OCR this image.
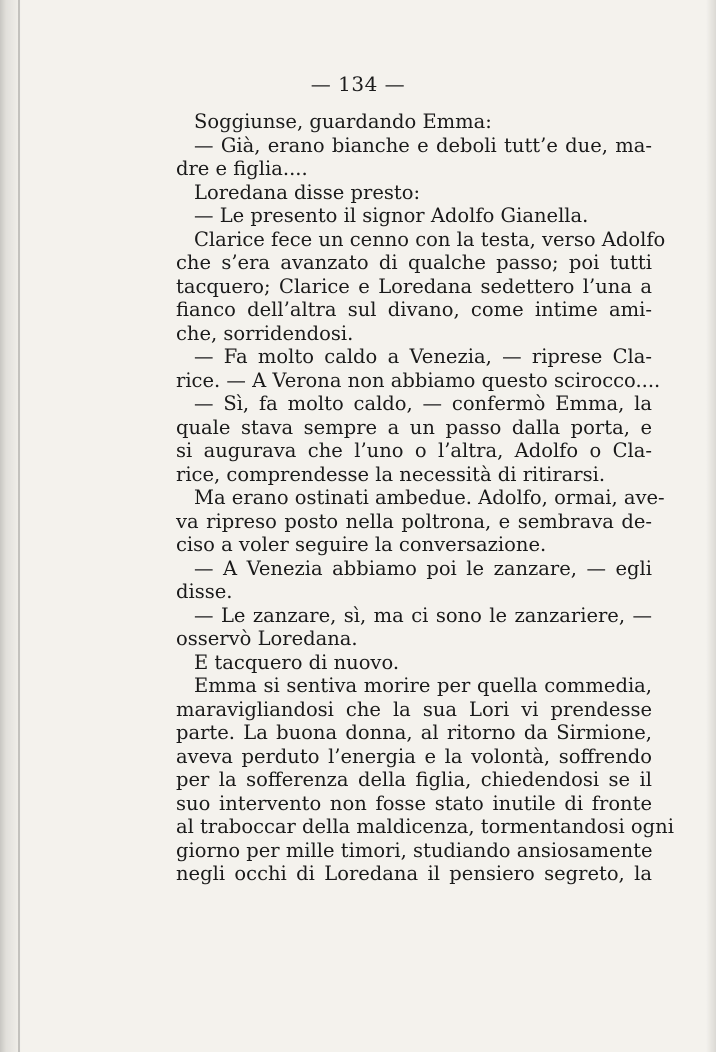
— 134 —
Soggiunse, guardando Emma:
— Già, erano bianche e deboli tutt’e due, ma-
dre e figlia....
Loredana disse presto:
— Le presento il signor Adolfo Gianella.
Clarice fece un cenno con la testa, verso Adolfo
che s’era avanzato di qualche passo; poi tutti
tacquero; Clarice e Loredana sedettero l’una a
fianco dell’altra sul divano, come intime ami-
che, sorridendosi.
— Fa molto caldo a Venezia, — riprese Cla-
rice. — A Verona non abbiamo questo scirocco....
— Sì, fa molto caldo, — confermò Emma, la
quale stava sempre a un passo dalla porta, e
si augurava che l’uno o l’altra, Adolfo o Cla-
rice, comprendesse la necessità di ritirarsi.
Ma erano ostinati ambedue. Adolfo, ormai, ave-
va ripreso posto nella poltrona, e sembrava de-
ciso a voler seguire la conversazione.
— A Venezia abbiamo poi le zanzare, — egli
disse.
— Le zanzare, sì, ma ci sono le zanzariere, —
osservò Loredana.
E tacquero di nuovo.
Emma si sentiva morire per quella commedia,
maravigliandosi che la sua Lori vi prendesse
parte. La buona donna, al ritorno da Sirmione,
aveva perduto l’energia e la volontà, soffrendo
per la sofferenza della figlia, chiedendosi se il
suo intervento non fosse stato inutile di fronte
al traboccar della maldicenza, tormentandosi ogni
giorno per mille timori, studiando ansiosamente
negli occhi di Loredana il pensiero segreto, la
